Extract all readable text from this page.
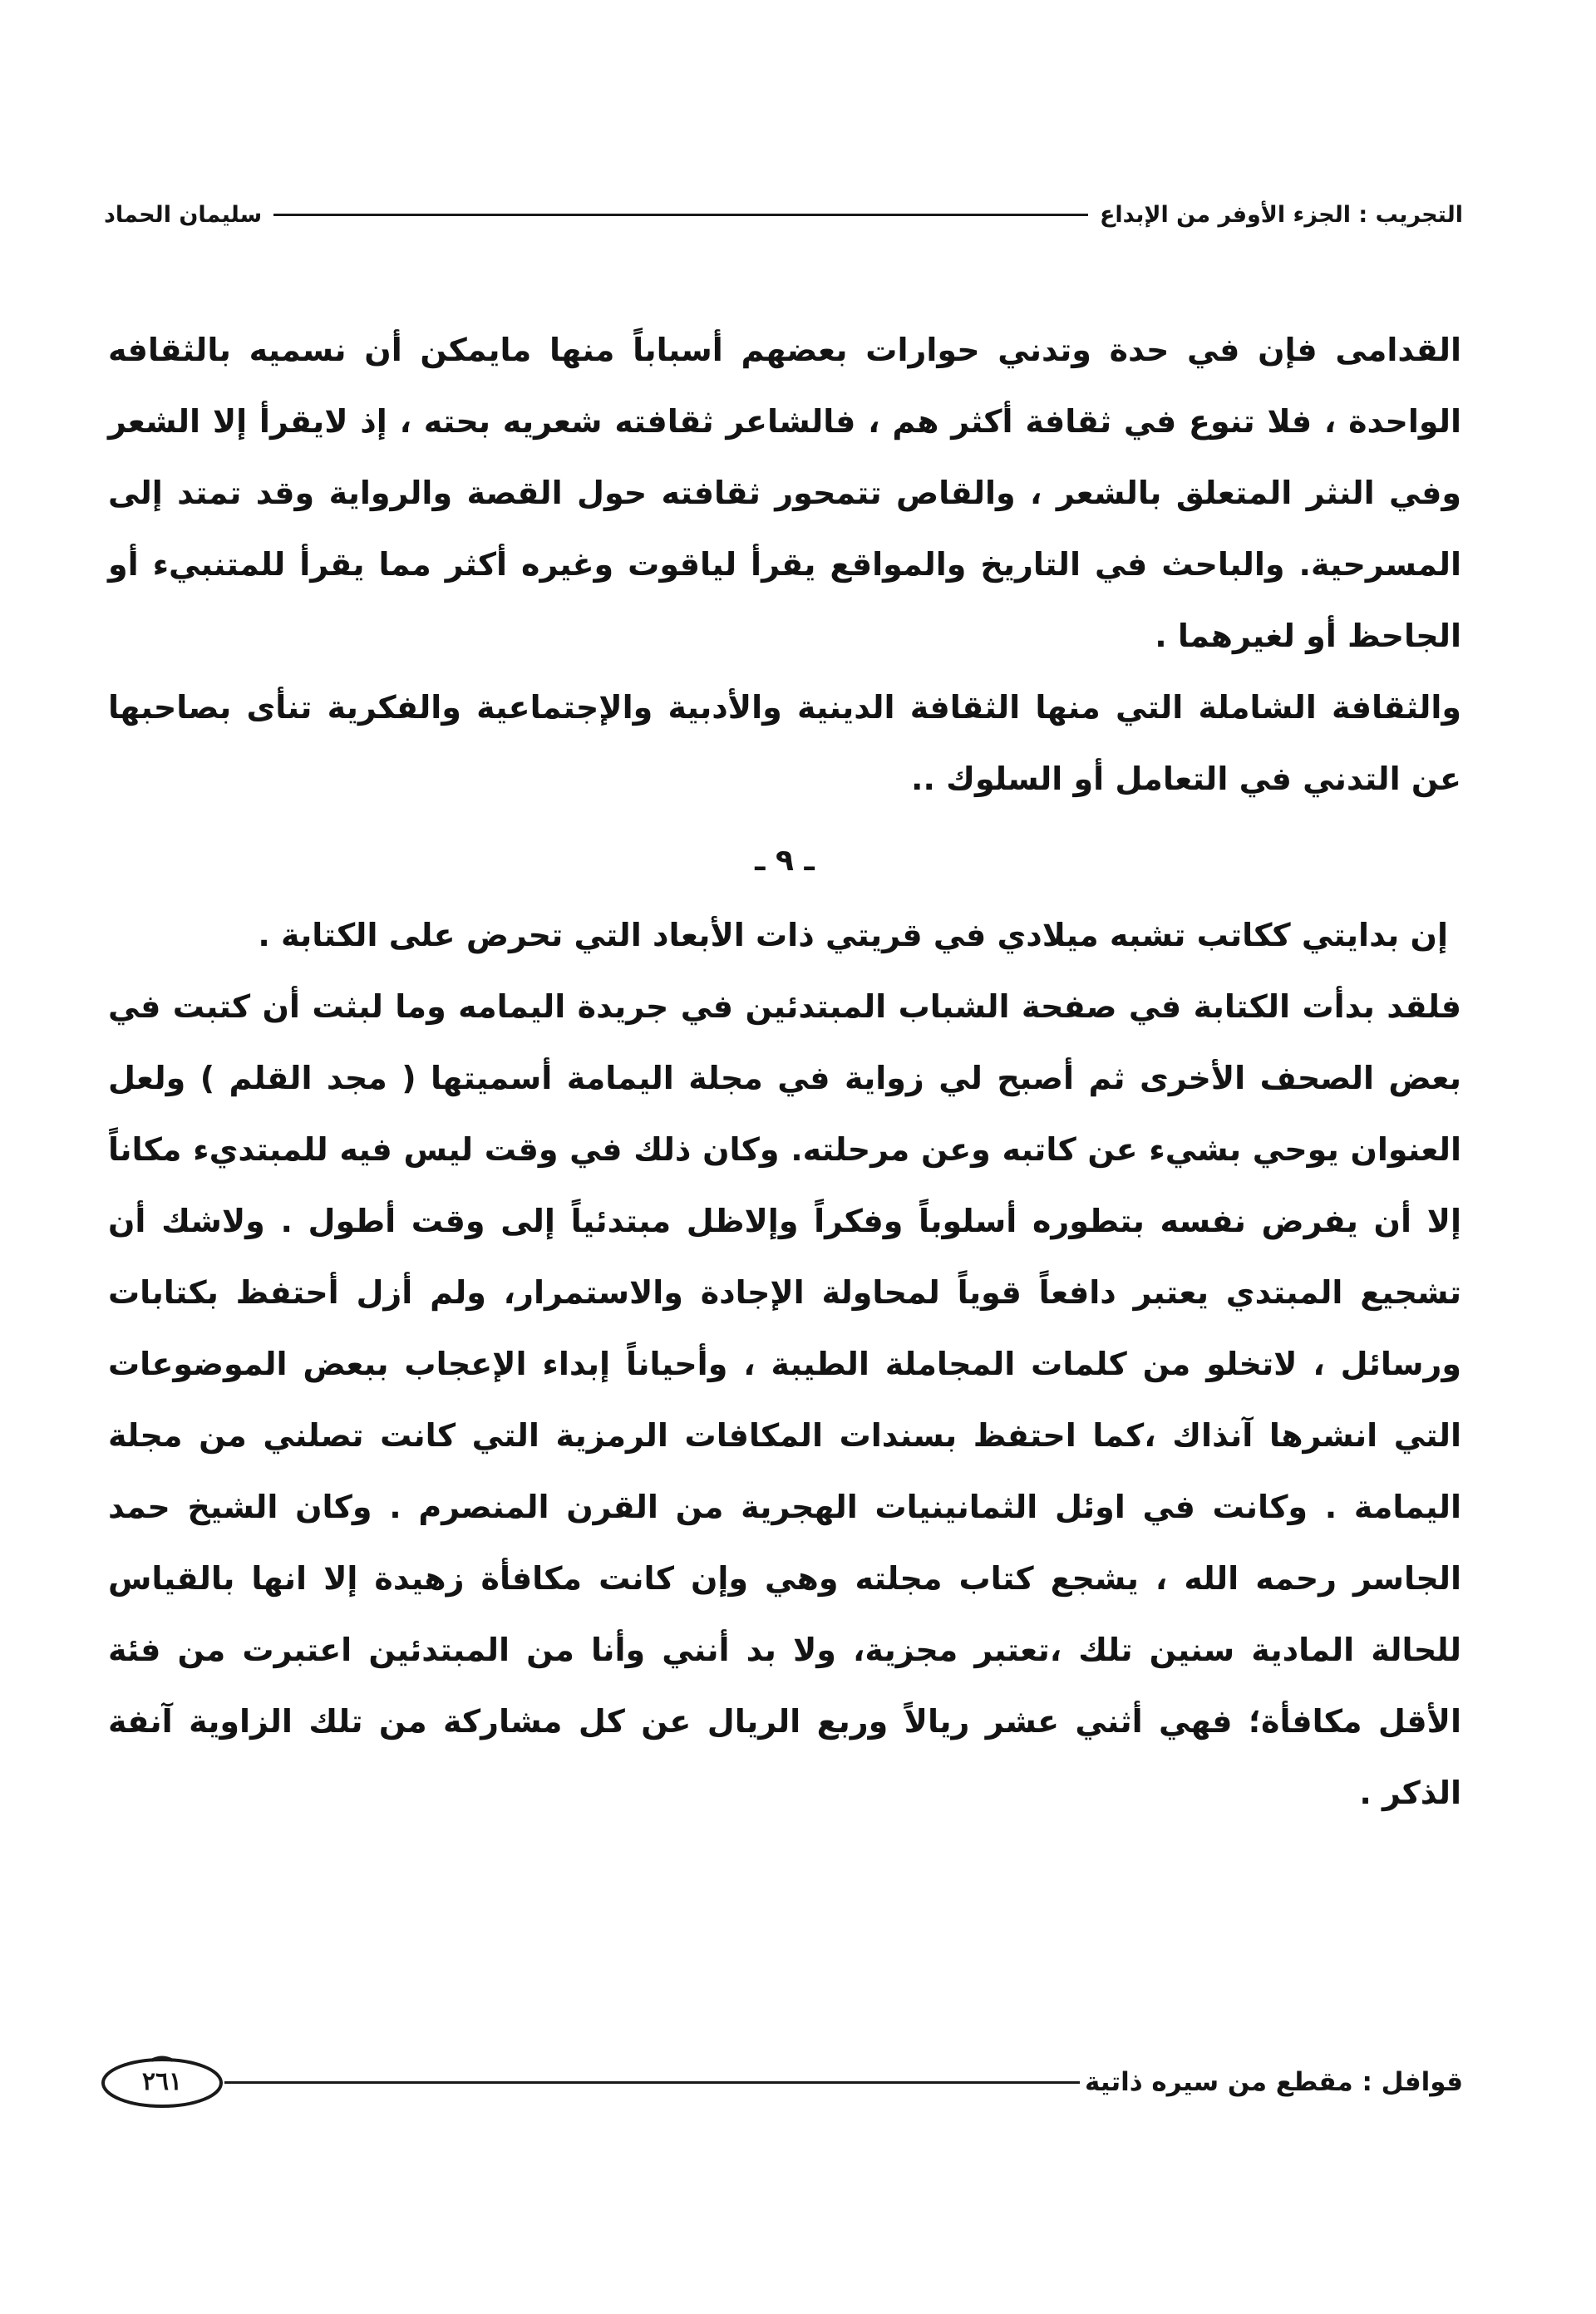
التجريب : الجزء الأوفر من الإبداع
سليمان الحماد

القدامى فإن في حدة وتدني حوارات بعضهم أسباباً منها مايمكن أن نسميه بالثقافه الواحدة ، فلا تنوع في ثقافة أكثر هم ، فالشاعر ثقافته شعريه بحته ، إذ لايقرأ إلا الشعر وفي النثر المتعلق بالشعر ، والقاص تتمحور ثقافته حول القصة والرواية وقد تمتد إلى المسرحية. والباحث في التاريخ والمواقع يقرأ لياقوت وغيره أكثر مما يقرأ للمتنبيء أو الجاحظ أو لغيرهما .

والثقافة الشاملة التي منها الثقافة الدينية والأدبية والإجتماعية والفكرية تنأى بصاحبها عن التدني في التعامل أو السلوك ..

ـ ٩ ـ

إن بدايتي ككاتب تشبه ميلادي في قريتي ذات الأبعاد التي تحرض على الكتابة .

فلقد بدأت الكتابة في صفحة الشباب المبتدئين في جريدة اليمامه وما لبثت أن كتبت في بعض الصحف الأخرى ثم أصبح لي زواية في مجلة اليمامة أسميتها ( مجد القلم ) ولعل العنوان يوحي بشيء عن كاتبه وعن مرحلته. وكان ذلك في وقت ليس فيه للمبتديء مكاناً إلا أن يفرض نفسه بتطوره أسلوباً وفكراً وإلاظل مبتدئياً إلى وقت أطول . ولاشك أن تشجيع المبتدي يعتبر دافعاً قوياً لمحاولة الإجادة والاستمرار، ولم أزل أحتفظ بكتابات ورسائل ، لاتخلو من كلمات المجاملة الطيبة ، وأحياناً إبداء الإعجاب ببعض الموضوعات التي انشرها آنذاك ،كما احتفظ بسندات المكافات الرمزية التي كانت تصلني من مجلة اليمامة . وكانت في اوئل الثمانينيات الهجرية من القرن المنصرم . وكان الشيخ حمد الجاسر رحمه الله ، يشجع كتاب مجلته وهي وإن كانت مكافأة زهيدة إلا انها بالقياس للحالة المادية سنين تلك ،تعتبر مجزية، ولا بد أنني وأنا من المبتدئين اعتبرت من فئة الأقل مكافأة؛ فهي أثني عشر ريالاً وربع الريال عن كل مشاركة من تلك الزاوية آنفة الذكر .

قوافل : مقطع من سيره ذاتية
٢٦١
